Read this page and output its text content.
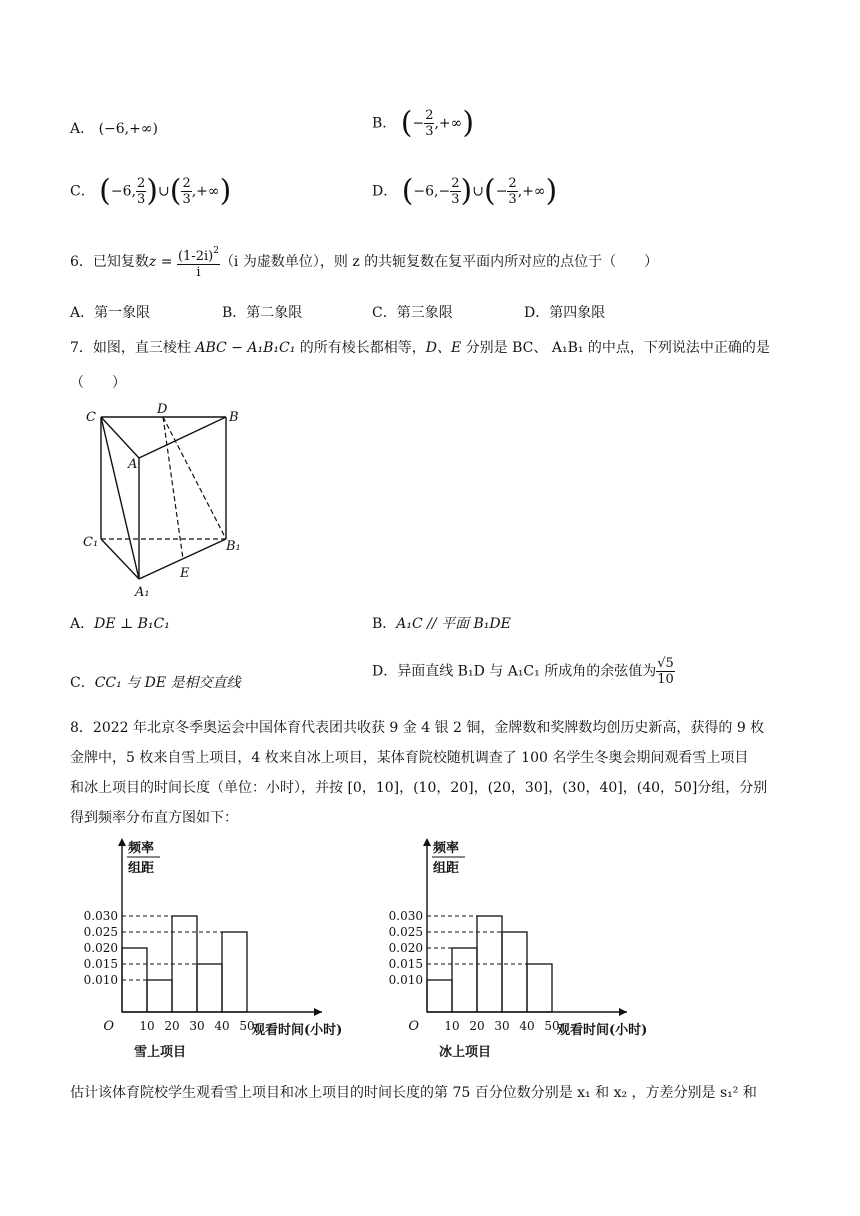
A． (−6,+∞)	B． (− $\frac{2}{3}$ ,+∞)
C． (−6, $\frac{2}{3}$ )∪( $\frac{2}{3}$ ,+∞)	D． ($-6,- \frac{2}{3}$ )∪(− $\frac{2}{3}$ ,+∞)
6．已知复数$z = \frac{(1-2i)^2}{i} (i$ 为虚数单位），则 z 的共轭复数在复平面内所对应的点位于（　　）
A．第一象限	B．第二象限	C．第三象限	D．第四象限
7．如图，直三棱柱 ABC − A₁B₁C₁ 的所有棱长都相等，D、E 分别是 BC、 A₁B₁ 的中点，下列说法中正确的是
（　　）
C
D
B
A
C₁	B₁
E
A₁
A．DE ⊥ B₁C₁	B．A₁C // 平面 B₁DE
C．CC₁ 与 DE 是相交直线
D．异面直线 B₁D 与 A₁C₁ 所成角的余弦值为 $\frac{√5}{10}$
8．2022 年北京冬季奥运会中国体育代表团共收获 9 金 4 银 2 铜，金牌数和奖牌数均创历史新高，获得的 9 枚
金牌中，5 枚来自雪上项目，4 枚来自冰上项目，某体育院校随机调查了 100 名学生冬奥会期间观看雪上项目
和冰上项目的时间长度（单位：小时），并按 [0，10]，(10，20]，(20，30]，(30，40]，(40，50]分组，分别
得到频率分布直方图如下：
频率
组距
0.030
0.025
0.020
0.015
0.010
O 10 20 30 40 50
观看时间(小时)
雪上项目
频率
组距
0.030
0.025
0.020
0.015
0.010
O 10 20 30 40 50
观看时间(小时)
冰上项目
估计该体育院校学生观看雪上项目和冰上项目的时间长度的第 75 百分位数分别是 x₁ 和 x₂ ，方差分别是 s₁² 和
